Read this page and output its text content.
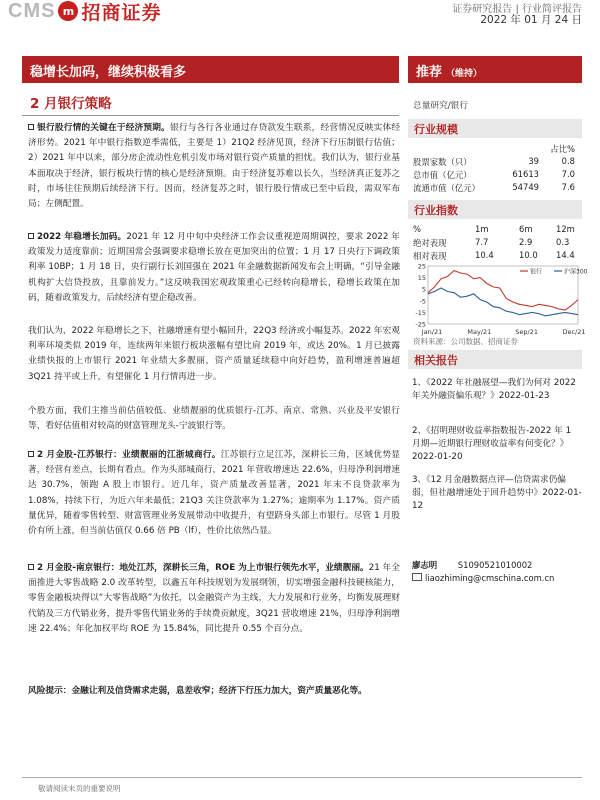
CMS m 招商证券	证券研究报告 | 行业简评报告
2022 年 01 月 24 日
稳增长加码，继续积极看多	推荐 （维持）
2 月银行策略	总量研究/银行

银行股行情的关键在于经济预期。银行与各行各业通过存贷款发生联系，经营情况反映实体经济形势。2021 年中银行指数逆季需低，主要是 1）21Q2 经济见顶，经济下行压制银行估值；2）2021 年中以来，部分房企流动性危机引发市场对银行资产质量的担忧。我们认为，银行业基本面取决于经济，银行板块行情的核心是经济预期。由于经济复苏难以长久，当经济真正复苏之时，市场往往预期后续经济下行。因而，经济复苏之时，银行股行情成已至中后段，需双军布局；左侧配置。

2022 年稳增长加码。2021 年 12 月中旬中央经济工作会议重视逆周期调控，要求 2022 年政策发力适度靠前；近期国常会强调要求稳增长放在更加突出的位置；1 月 17 日央行下调政策利率 10BP；1 月 18 日，央行副行长刘国强在 2021 年金融数据新闻发布会上明确，“引导金融机构扩大信贷投放，且靠前发力。”这反映我国宏观政策重心已经转向稳增长，稳增长政策在加码，随着政策发力，后续经济有望企稳改善。

我们认为，2022 年稳增长之下，社融增速有望小幅回升，22Q3 经济或小幅复苏。2022 年宏观利率环境类似 2019 年，连续两年来银行板块涨幅有望比肩 2019 年，或达 20%。1 月已披露业绩快报的上市银行 2021 年业绩大多靓丽，资产质量延续稳中向好趋势，盈利增速普遍超 3Q21 持平或上升，有望催化 1 月行情再进一步。

个股方面，我们主推当前估值较低、业绩靓丽的优质银行-江苏、南京、常熟、兴业及平安银行等，看好估值相对较高的财富管理龙头-宁波银行等。

2 月金股-江苏银行：业绩靓丽的江浙城商行。江苏银行立足江苏，深耕长三角，区域优势显著，经营有差点，长期有看点。作为头部城商行，2021 年营收增速达 22.6%，归母净利润增速达 30.7%，领跑 A 股上市银行。近几年，资产质量改善显著，2021 年末不良贷款率为 1.08%，持续下行，为近六年来最低；21Q3 关注贷款率为 1.27%；逾期率为 1.17%。资产质量优异，随着零售转型、财富管理业务发展带动中收提升，有望跻身头部上市银行。尽管 1 月股价有所上涨，但当前估值仅 0.66 倍 PB（lf），性价比依然凸显。

2 月金股-南京银行：地处江苏，深耕长三角，ROE 为上市银行领先水平，业绩靓丽。21 年全面推进大零售战略 2.0 改革转型，以鑫五年科技规划为发展纲领，切实增强金融科技硬核能力，零售金融板块得以“大零售战略”为依托，以金融资产为主线，大力发展和行业务，均衡发展理财代销及三方代销业务，提升零售代销业务的手续费贡献度，3Q21 营收增速 21%，归母净利润增速 22.4%；年化加权平均 ROE 为 15.84%，同比提升 0.55 个百分点。

风险提示：金融让利及信贷需求走弱，息差收窄；经济下行压力加大，资产质量恶化等。
行业规模
占比%
股票家数（只）	39	0.8
总市值（亿元）	61613	7.0
流通市值（亿元）	54749	7.6
行业指数
%	1m	6m	12m
绝对表现	7.7	2.9	0.3
相对表现	10.4	10.0 14.4
25
15
5
-5
-15
-25
Jan/21	May/21	Sep/21	Dec/21
银行	沪深300
资料来源：公司数据、招商证券
相关报告
1、《2022 年社融展望—我们为何对 2022 年关外融资偏乐观？》2022-01-23
2、《招明理财收益率指数报告-2022 年 1 月期—近期银行理财收益率有何变化？》2022-01-20
3、《12 月金融数据点评—信贷需求仍偏弱，但社融增速处于回升趋势中》2022-01-12
廖志明 S1090521010002
liaozhiming@cmschina.com.cn
敬请阅读末页的重要说明
